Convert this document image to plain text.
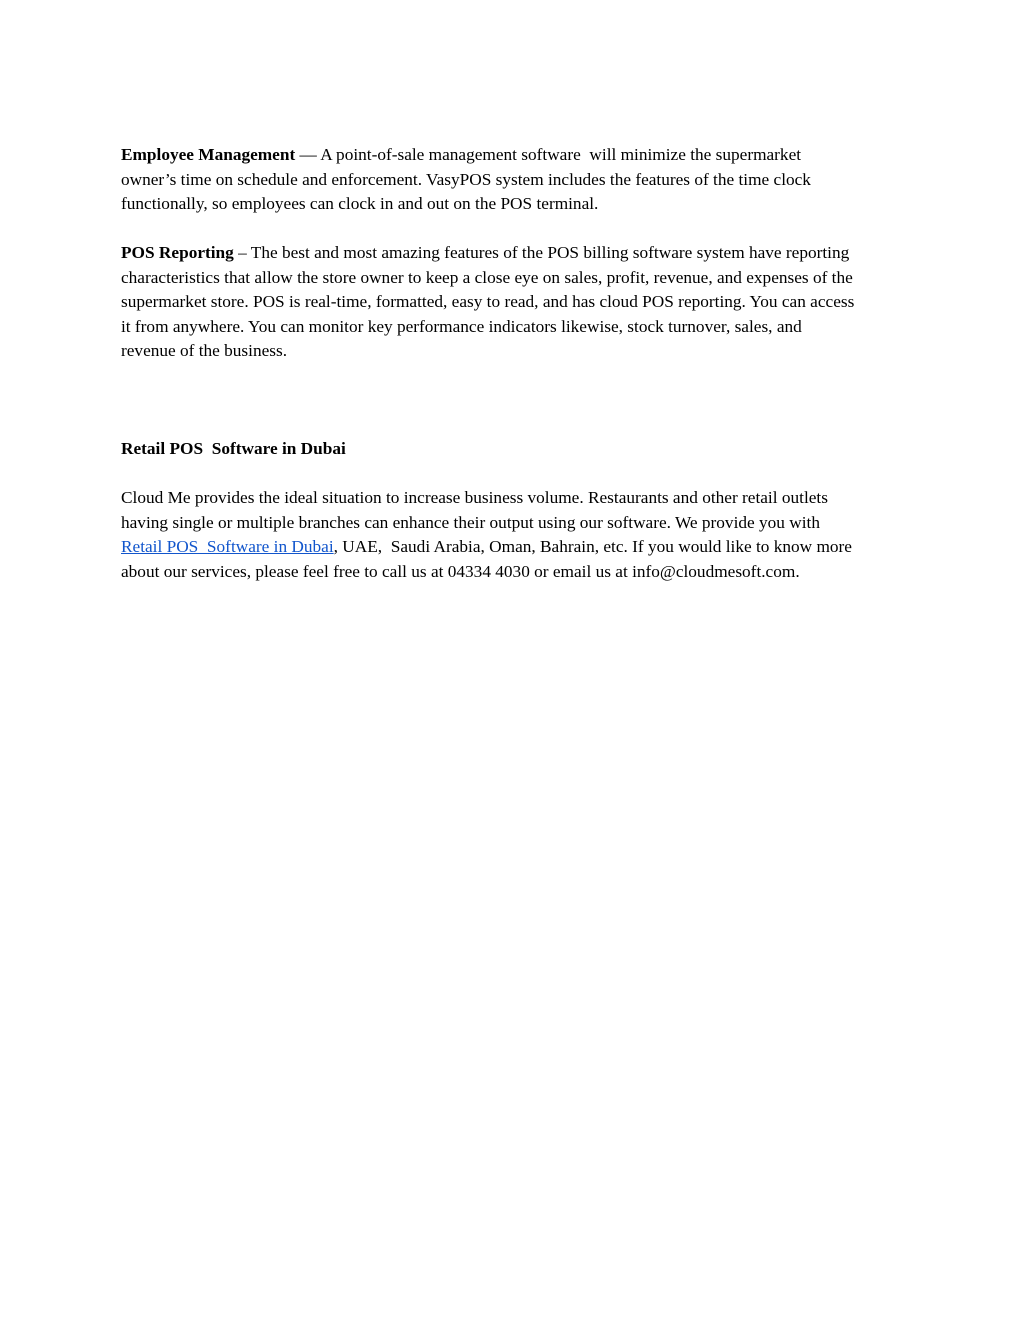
Employee Management — A point-of-sale management software  will minimize the supermarket
owner’s time on schedule and enforcement. VasyPOS system includes the features of the time clock
functionally, so employees can clock in and out on the POS terminal.

POS Reporting – The best and most amazing features of the POS billing software system have reporting
characteristics that allow the store owner to keep a close eye on sales, profit, revenue, and expenses of the
supermarket store. POS is real-time, formatted, easy to read, and has cloud POS reporting. You can access
it from anywhere. You can monitor key performance indicators likewise, stock turnover, sales, and
revenue of the business.

Retail POS  Software in Dubai

Cloud Me provides the ideal situation to increase business volume. Restaurants and other retail outlets
having single or multiple branches can enhance their output using our software. We provide you with
Retail POS  Software in Dubai, UAE,  Saudi Arabia, Oman, Bahrain, etc. If you would like to know more
about our services, please feel free to call us at 04334 4030 or email us at info@cloudmesoft.com.
